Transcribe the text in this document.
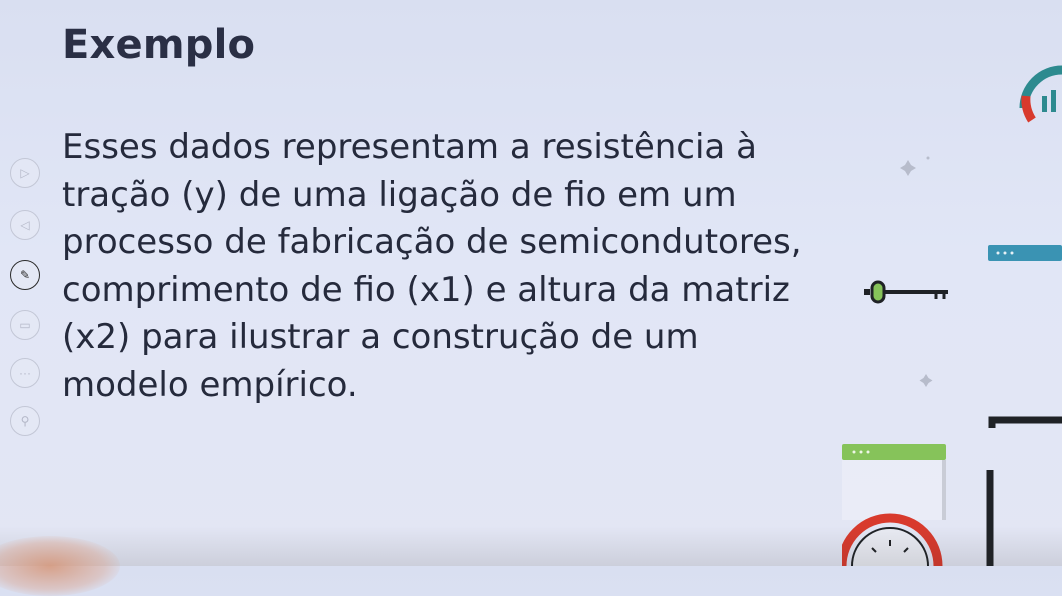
Exemplo
Esses dados representam a resistência à
tração (y) de uma ligação de fio em um
processo de fabricação de semicondutores,
comprimento de fio (x1) e altura da matriz
(x2) para ilustrar a construção de um
modelo empírico.
▷
◁
✎
▭
···
⚲
